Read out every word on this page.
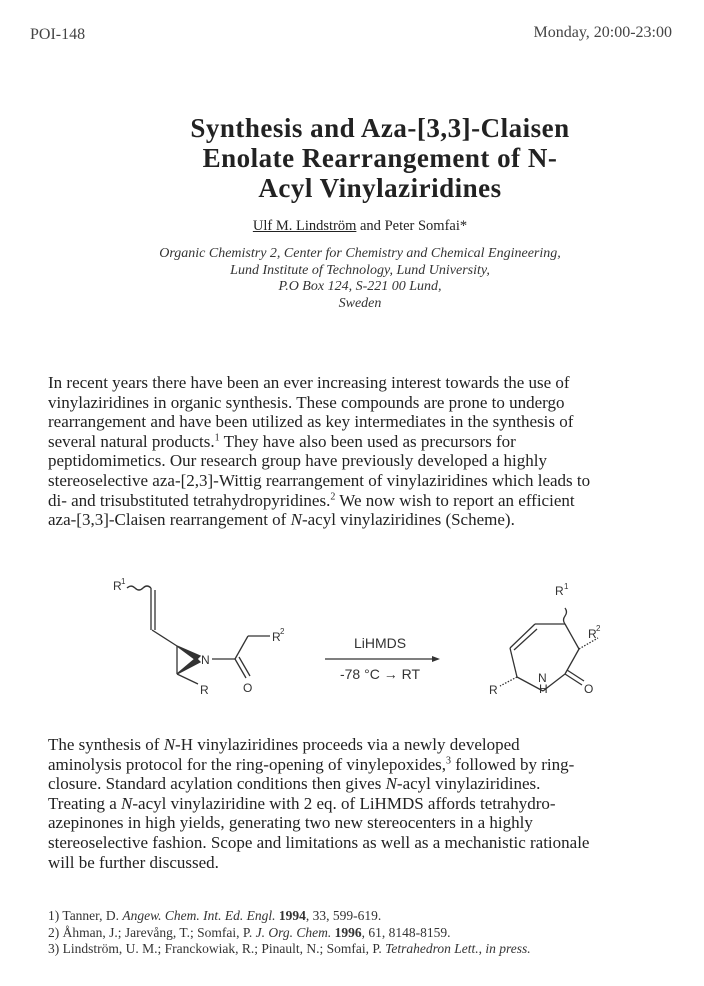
POI-148	Monday, 20:00-23:00
Synthesis and Aza-[3,3]-Claisen
Enolate Rearrangement of N-
Acyl Vinylaziridines
Ulf M. Lindström and Peter Somfai*
Organic Chemistry 2, Center for Chemistry and Chemical Engineering,
Lund Institute of Technology, Lund University,
P.O Box 124, S-221 00 Lund,
Sweden
In recent years there have been an ever increasing interest towards the use of
vinylaziridines in organic synthesis. These compounds are prone to undergo
rearrangement and have been utilized as key intermediates in the synthesis of
several natural products.$^1$ They have also been used as precursors for
peptidomimetics. Our research group have previously developed a highly
stereoselective aza-[2,3]-Wittig rearrangement of vinylaziridines which leads to
di- and trisubstituted tetrahydropyridines.$^2$ We now wish to report an efficient
aza-[3,3]-Claisen rearrangement of N-acyl vinylaziridines (Scheme).
R 1
R 2
N
O
R
LiHMDS
-78 °C → RT
R 1
R 2
R
N
H	O
The synthesis of N-H vinylaziridines proceeds via a newly developed
aminolysis protocol for the ring-opening of vinylepoxides,$^3$ followed by ring-
closure. Standard acylation conditions then gives N-acyl vinylaziridines.
Treating a N-acyl vinylaziridine with 2 eq. of LiHMDS affords tetrahydro-
azepinones in high yields, generating two new stereocenters in a highly
stereoselective fashion. Scope and limitations as well as a mechanistic rationale
will be further discussed.
1) Tanner, D. Angew. Chem. Int. Ed. Engl. 1994, 33, 599-619.
2) Åhman, J.; Jarevång, T.; Somfai, P. J. Org. Chem. 1996, 61, 8148-8159.
3) Lindström, U. M.; Franckowiak, R.; Pinault, N.; Somfai, P. Tetrahedron Lett., in press.
